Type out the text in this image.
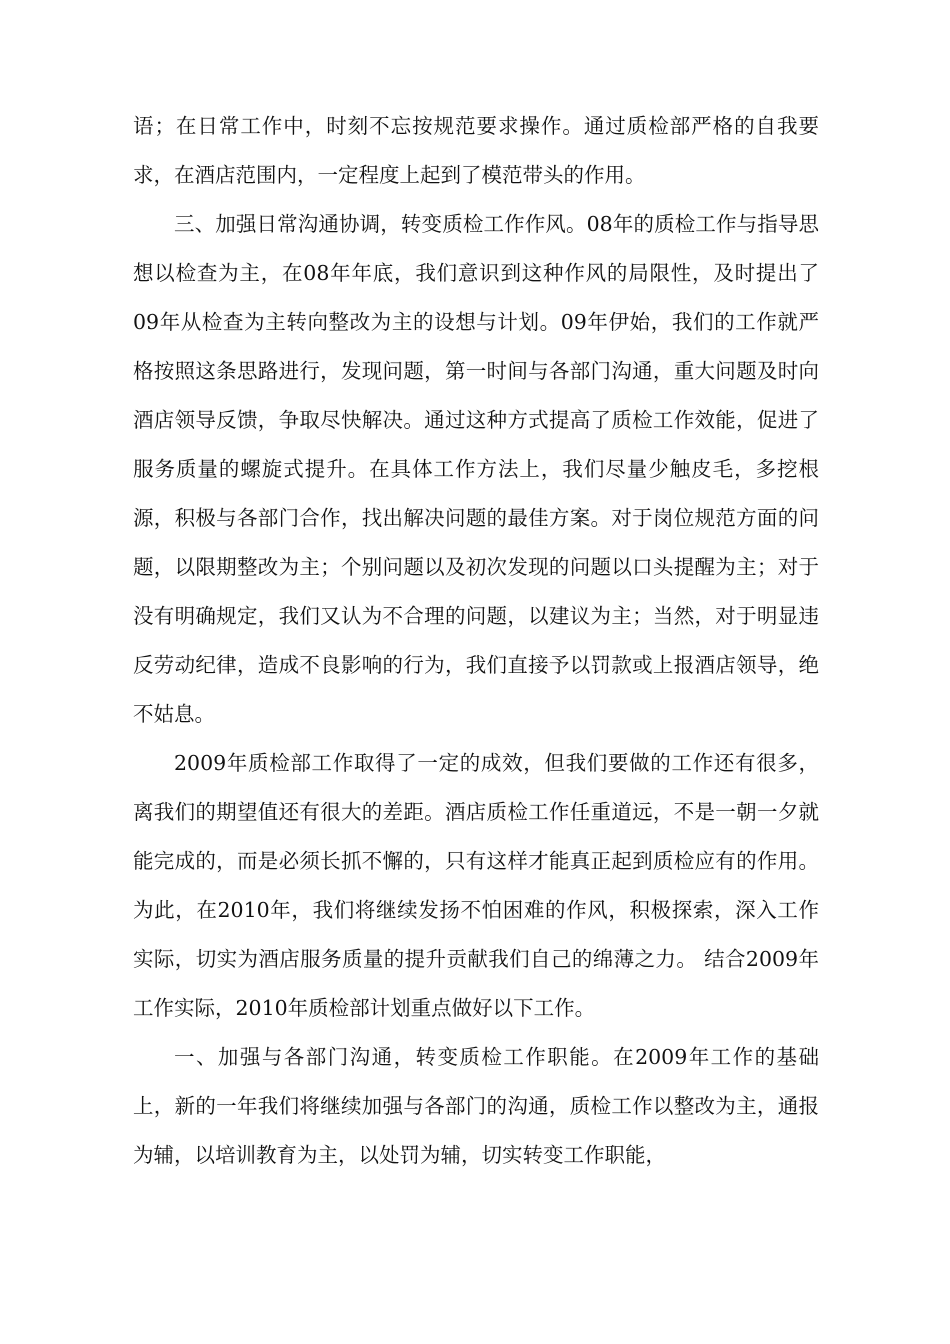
语；在日常工作中，时刻不忘按规范要求操作。通过质检部严格的自我要求，在酒店范围内，一定程度上起到了模范带头的作用。

三、加强日常沟通协调，转变质检工作作风。08年的质检工作与指导思想以检查为主，在08年年底，我们意识到这种作风的局限性，及时提出了09年从检查为主转向整改为主的设想与计划。09年伊始，我们的工作就严格按照这条思路进行，发现问题，第一时间与各部门沟通，重大问题及时向酒店领导反馈，争取尽快解决。通过这种方式提高了质检工作效能，促进了服务质量的螺旋式提升。在具体工作方法上，我们尽量少触皮毛，多挖根源，积极与各部门合作，找出解决问题的最佳方案。对于岗位规范方面的问题，以限期整改为主；个别问题以及初次发现的问题以口头提醒为主；对于没有明确规定，我们又认为不合理的问题，以建议为主；当然，对于明显违反劳动纪律，造成不良影响的行为，我们直接予以罚款或上报酒店领导，绝不姑息。

2009年质检部工作取得了一定的成效，但我们要做的工作还有很多，离我们的期望值还有很大的差距。酒店质检工作任重道远，不是一朝一夕就能完成的，而是必须长抓不懈的，只有这样才能真正起到质检应有的作用。为此，在2010年，我们将继续发扬不怕困难的作风，积极探索，深入工作实际，切实为酒店服务质量的提升贡献我们自己的绵薄之力。 结合2009年工作实际，2010年质检部计划重点做好以下工作。

一、加强与各部门沟通，转变质检工作职能。在2009年工作的基础上，新的一年我们将继续加强与各部门的沟通，质检工作以整改为主，通报为辅，以培训教育为主，以处罚为辅，切实转变工作职能，
